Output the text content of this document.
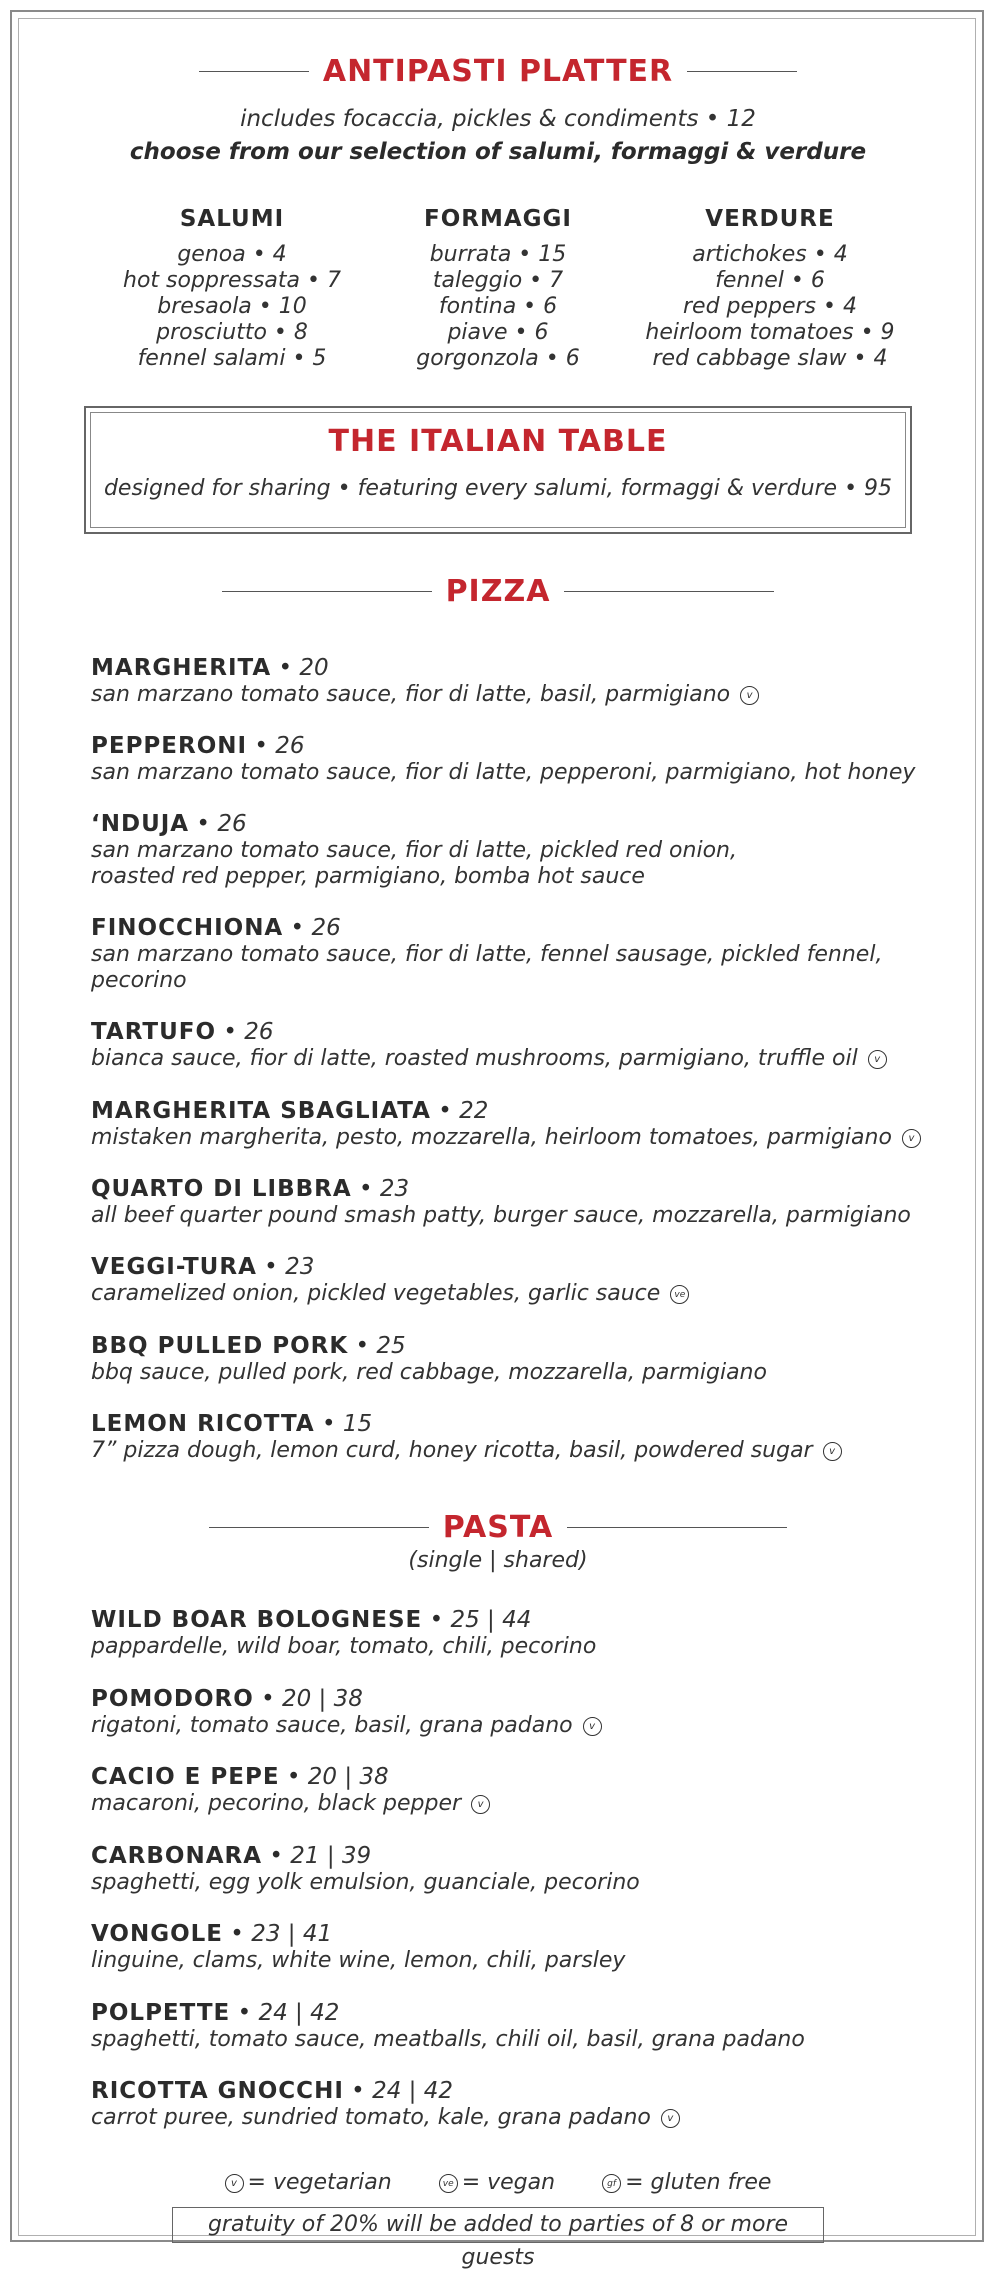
ANTIPASTI PLATTER
includes focaccia, pickles & condiments • 12
choose from our selection of salumi, formaggi & verdure
SALUMI
genoa • 4
hot soppressata • 7
bresaola • 10
prosciutto • 8
fennel salami • 5
FORMAGGI
burrata • 15
taleggio • 7
fontina • 6
piave • 6
gorgonzola • 6
VERDURE
artichokes • 4
fennel • 6
red peppers • 4
heirloom tomatoes • 9
red cabbage slaw • 4
THE ITALIAN TABLE
designed for sharing • featuring every salumi, formaggi & verdure • 95
PIZZA
MARGHERITA • 20
san marzano tomato sauce, fior di latte, basil, parmigiano v
PEPPERONI • 26
san marzano tomato sauce, fior di latte, pepperoni, parmigiano, hot honey
‘NDUJA • 26
san marzano tomato sauce, fior di latte, pickled red onion,
roasted red pepper, parmigiano, bomba hot sauce
FINOCCHIONA • 26
san marzano tomato sauce, fior di latte, fennel sausage, pickled fennel,
pecorino
TARTUFO • 26
bianca sauce, fior di latte, roasted mushrooms, parmigiano, truffle oil v
MARGHERITA SBAGLIATA • 22
mistaken margherita, pesto, mozzarella, heirloom tomatoes, parmigiano v
QUARTO DI LIBBRA • 23
all beef quarter pound smash patty, burger sauce, mozzarella, parmigiano
VEGGI-TURA • 23
caramelized onion, pickled vegetables, garlic sauce ve
BBQ PULLED PORK • 25
bbq sauce, pulled pork, red cabbage, mozzarella, parmigiano
LEMON RICOTTA • 15
7” pizza dough, lemon curd, honey ricotta, basil, powdered sugar v
PASTA
(single | shared)
WILD BOAR BOLOGNESE • 25 | 44
pappardelle, wild boar, tomato, chili, pecorino
POMODORO • 20 | 38
rigatoni, tomato sauce, basil, grana padano v
CACIO E PEPE • 20 | 38
macaroni, pecorino, black pepper v
CARBONARA • 21 | 39
spaghetti, egg yolk emulsion, guanciale, pecorino
VONGOLE • 23 | 41
linguine, clams, white wine, lemon, chili, parsley
POLPETTE • 24 | 42
spaghetti, tomato sauce, meatballs, chili oil, basil, grana padano
RICOTTA GNOCCHI • 24 | 42
carrot puree, sundried tomato, kale, grana padano v
v = vegetarian	ve = vegan	gf = gluten free
gratuity of 20% will be added to parties of 8 or more guests
